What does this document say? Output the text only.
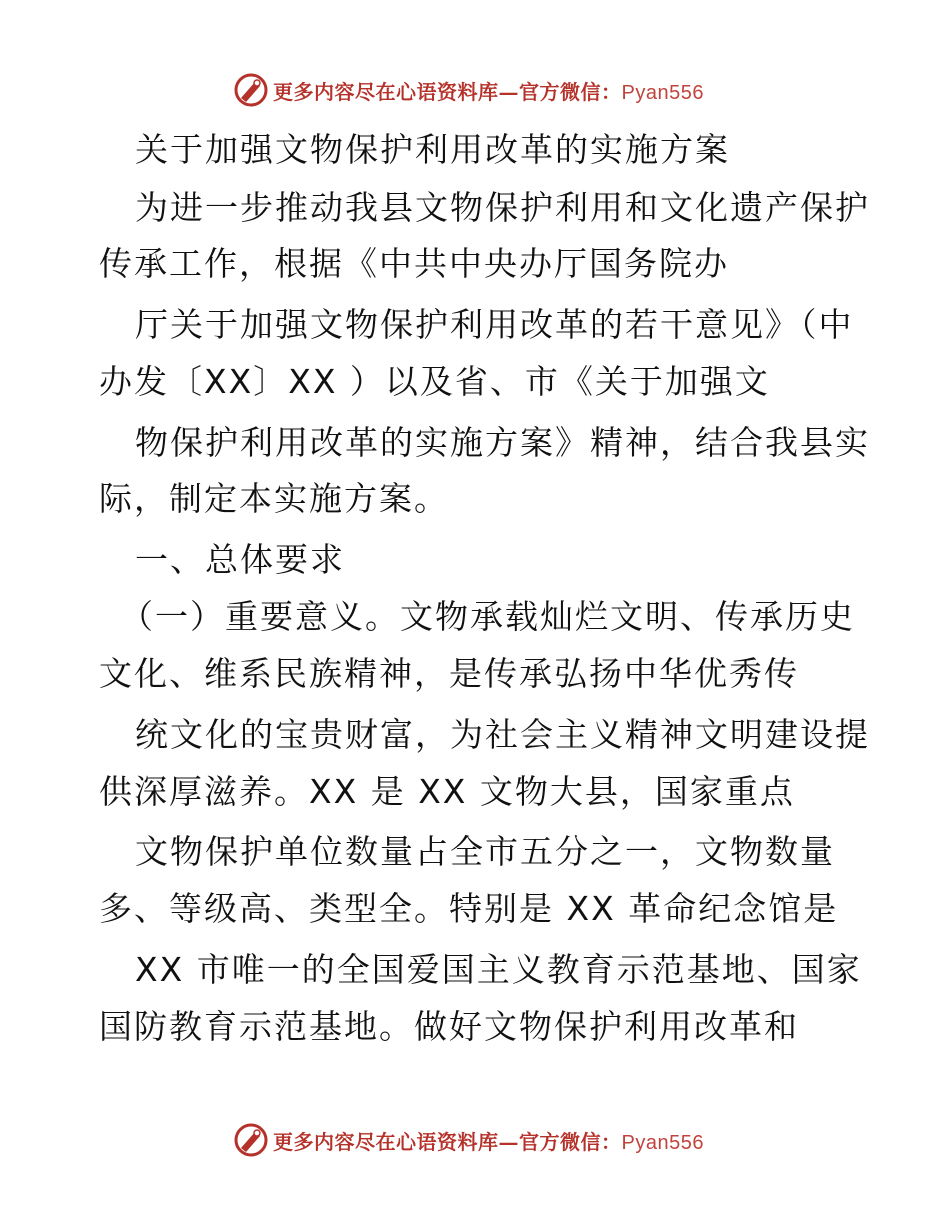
更多内容尽在心语资料库—官方微信：Pyan556
关于加强文物保护利用改革的实施方案
为进一步推动我县文物保护利用和文化遗产保护
传承工作，根据《中共中央办厅国务院办
厅关于加强文物保护利用改革的若干意见》（中
办发〔XX〕XX ）以及省、市《关于加强文
物保护利用改革的实施方案》精神，结合我县实
际，制定本实施方案。
一、总体要求
（一）重要意义。文物承载灿烂文明、传承历史
文化、维系民族精神，是传承弘扬中华优秀传
统文化的宝贵财富，为社会主义精神文明建设提
供深厚滋养。XX 是 XX 文物大县，国家重点
文物保护单位数量占全市五分之一，文物数量
多、等级高、类型全。特别是 XX 革命纪念馆是
XX 市唯一的全国爱国主义教育示范基地、国家
国防教育示范基地。做好文物保护利用改革和
更多内容尽在心语资料库—官方微信：Pyan556
